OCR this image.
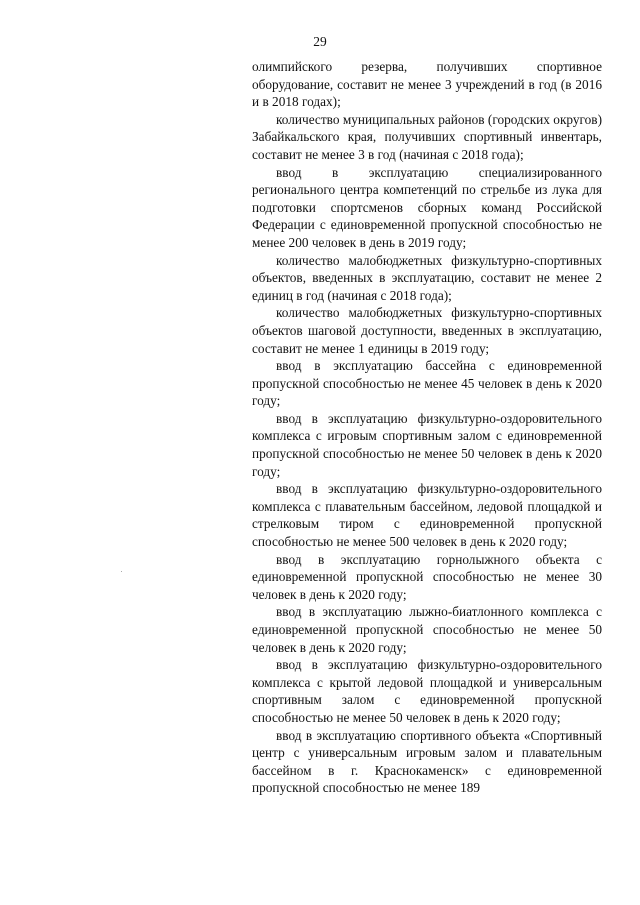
29

олимпийского резерва, получивших спортивное оборудование, составит не менее 3 учреждений в год (в 2016 и в 2018 годах);

количество муниципальных районов (городских округов) Забайкальского края, получивших спортивный инвентарь, составит не менее 3 в год (начиная с 2018 года);

ввод в эксплуатацию специализированного регионального центра компетенций по стрельбе из лука для подготовки спортсменов сборных команд Российской Федерации с единовременной пропускной способностью не менее 200 человек в день в 2019 году;

количество малобюджетных физкультурно-спортивных объектов, введенных в эксплуатацию, составит не менее 2 единиц в год (начиная с 2018 года);

количество малобюджетных физкультурно-спортивных объектов шаговой доступности, введенных в эксплуатацию, составит не менее 1 единицы в 2019 году;

ввод в эксплуатацию бассейна с единовременной пропускной способностью не менее 45 человек в день к 2020 году;

ввод в эксплуатацию физкультурно-оздоровительного комплекса с игровым спортивным залом с единовременной пропускной способностью не менее 50 человек в день к 2020 году;

ввод в эксплуатацию физкультурно-оздоровительного комплекса с плавательным бассейном, ледовой площадкой и стрелковым тиром с единовременной пропускной способностью не менее 500 человек в день к 2020 году;

ввод в эксплуатацию горнолыжного объекта с единовременной пропускной способностью не менее 30 человек в день к 2020 году;

ввод в эксплуатацию лыжно-биатлонного комплекса с единовременной пропускной способностью не менее 50 человек в день к 2020 году;

ввод в эксплуатацию физкультурно-оздоровительного комплекса с крытой ледовой площадкой и универсальным спортивным залом с единовременной пропускной способностью не менее 50 человек в день к 2020 году;

ввод в эксплуатацию спортивного объекта «Спортивный центр с универсальным игровым залом и плавательным бассейном в г. Краснокаменск» с единовременной пропускной способностью не менее 189
